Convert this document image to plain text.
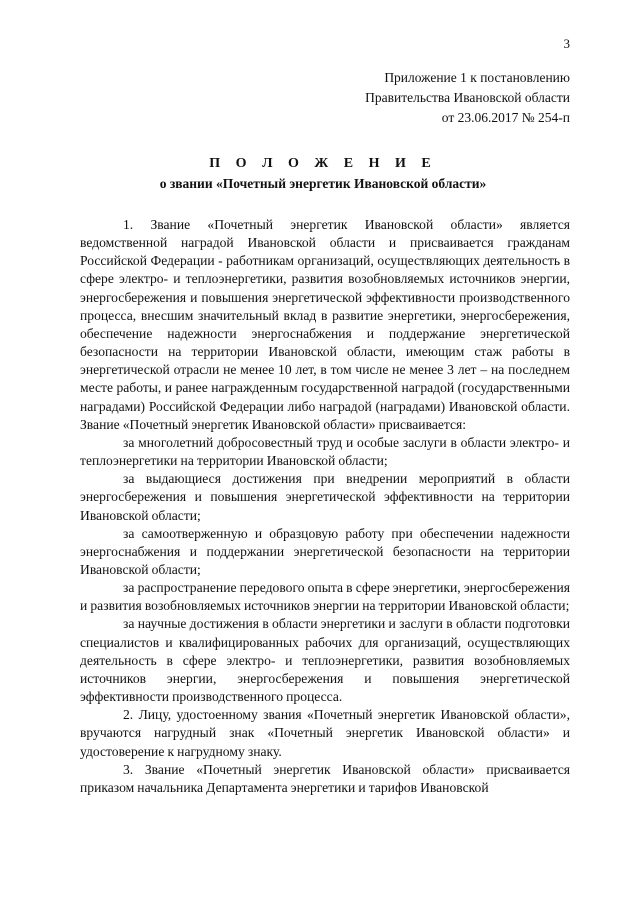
3
Приложение 1 к постановлению
Правительства Ивановской области
от 23.06.2017 № 254-п
П О Л О Ж Е Н И Е
о звании «Почетный энергетик Ивановской области»

1. Звание «Почетный энергетик Ивановской области» является ведомственной наградой Ивановской области и присваивается гражданам Российской Федерации - работникам организаций, осуществляющих деятельность в сфере электро- и теплоэнергетики, развития возобновляемых источников энергии, энергосбережения и повышения энергетической эффективности производственного процесса, внесшим значительный вклад в развитие энергетики, энергосбережения, обеспечение надежности энергоснабжения и поддержание энергетической безопасности на территории Ивановской области, имеющим стаж работы в энергетической отрасли не менее 10 лет, в том числе не менее 3 лет – на последнем месте работы, и ранее награжденным государственной наградой (государственными наградами) Российской Федерации либо наградой (наградами) Ивановской области. Звание «Почетный энергетик Ивановской области» присваивается:

за многолетний добросовестный труд и особые заслуги в области электро- и теплоэнергетики на территории Ивановской области;

за выдающиеся достижения при внедрении мероприятий в области энергосбережения и повышения энергетической эффективности на территории Ивановской области;

за самоотверженную и образцовую работу при обеспечении надежности энергоснабжения и поддержании энергетической безопасности на территории Ивановской области;

за распространение передового опыта в сфере энергетики, энергосбережения и развития возобновляемых источников энергии на территории Ивановской области;

за научные достижения в области энергетики и заслуги в области подготовки специалистов и квалифицированных рабочих для организаций, осуществляющих деятельность в сфере электро- и теплоэнергетики, развития возобновляемых источников энергии, энергосбережения и повышения энергетической эффективности производственного процесса.

2. Лицу, удостоенному звания «Почетный энергетик Ивановской области», вручаются нагрудный знак «Почетный энергетик Ивановской области» и удостоверение к нагрудному знаку.

3. Звание «Почетный энергетик Ивановской области» присваивается приказом начальника Департамента энергетики и тарифов Ивановской
